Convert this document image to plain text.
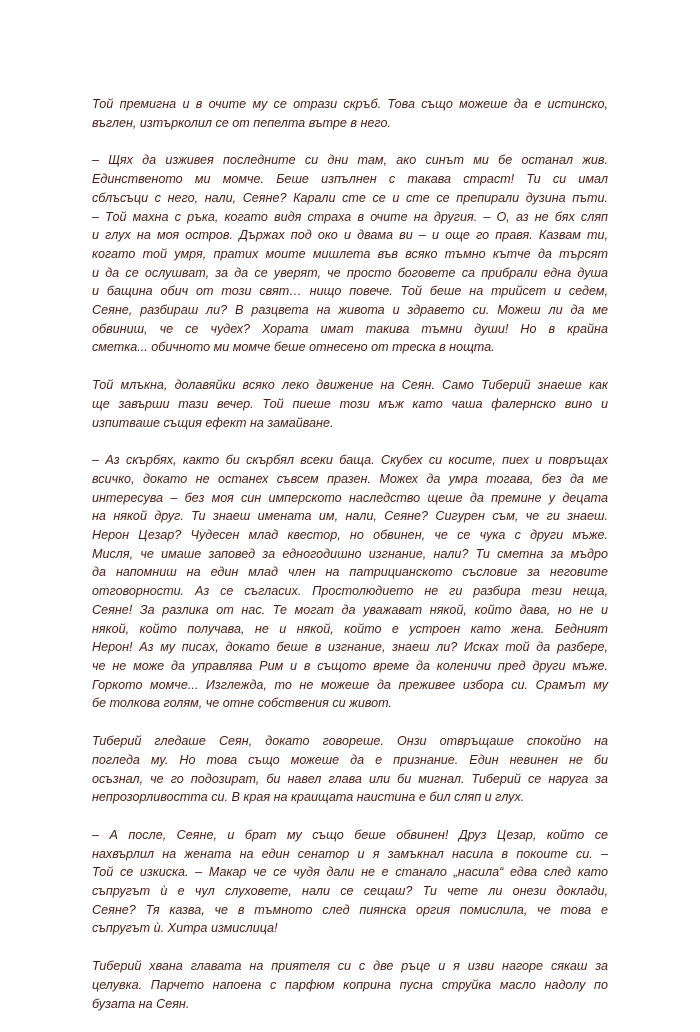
Той премигна и в очите му се отрази скръб. Това също можеше да е истинско,
въглен, изтърколил се от пепелта вътре в него.

– Щях да изживея последните си дни там, ако синът ми бе останал жив.
Единственото ми момче. Беше изпълнен с такава страст! Ти си имал
сблъсъци с него, нали, Сеяне? Карали сте се и сте се препирали дузина пъти.
– Той махна с ръка, когато видя страха в очите на другия. – О, аз не бях сляп
и глух на моя остров. Държах под око и двама ви – и още го правя. Казвам ти,
когато той умря, пратих моите мишлета във всяко тъмно кътче да търсят
и да се ослушват, за да се уверят, че просто боговете са прибрали една душа
и бащина обич от този свят… нищо повече. Той беше на трийсет и седем,
Сеяне, разбираш ли? В разцвета на живота и здравето си. Можеш ли да ме
обвиниш, че се чудех? Хората имат такива тъмни души! Но в крайна
сметка... обичното ми момче беше отнесено от треска в нощта.

Той млъкна, долавяйки всяко леко движение на Сеян. Само Тиберий знаеше как
ще завърши тази вечер. Той пиеше този мъж като чаша фалернско вино и
изпитваше същия ефект на замайване.

– Аз скърбях, както би скърбял всеки баща. Скубех си косите, пиех и повръщах
всичко, докато не останех съвсем празен. Можех да умра тогава, без да ме
интересува – без моя син имперското наследство щеше да премине у децата
на някой друг. Ти знаеш имената им, нали, Сеяне? Сигурен съм, че ги знаеш.
Нерон Цезар? Чудесен млад квестор, но обвинен, че се чука с други мъже.
Мисля, че имаше заповед за едногодишно изгнание, нали? Ти сметна за мъдро
да напомниш на един млад член на патрицианското съсловие за неговите
отговорности. Аз се съгласих. Простолюдието не ги разбира тези неща,
Сеяне! За разлика от нас. Те могат да уважават някой, който дава, но не и
някой, който получава, не и някой, който е устроен като жена. Бедният
Нерон! Аз му писах, докато беше в изгнание, знаеш ли? Исках той да разбере,
че не може да управлява Рим и в същото време да коленичи пред други мъже.
Горкото момче... Изглежда, то не можеше да преживее избора си. Срамът му
бе толкова голям, че отне собствения си живот.

Тиберий гледаше Сеян, докато говореше. Онзи отвръщаше спокойно на
погледа му. Но това също можеше да е признание. Един невинен не би
осъзнал, че го подозират, би навел глава или би мигнал. Тиберий се наруга за
непрозорливостта си. В края на краищата наистина е бил сляп и глух.

– А после, Сеяне, и брат му също беше обвинен! Друз Цезар, който се
нахвърлил на жената на един сенатор и я замъкнал насила в покоите си. –
Той се изкиска. – Макар че се чудя дали не е станало „насила“ едва след като
съпругът ѝ е чул слуховете, нали се сещаш? Ти чете ли онези доклади,
Сеяне? Тя казва, че в тъмното след пиянска оргия помислила, че това е
съпругът ѝ. Хитра измислица!

Тиберий хвана главата на приятеля си с две ръце и я изви нагоре сякаш за
целувка. Парчето напоена с парфюм коприна пусна струйка масло надолу по
бузата на Сеян.
